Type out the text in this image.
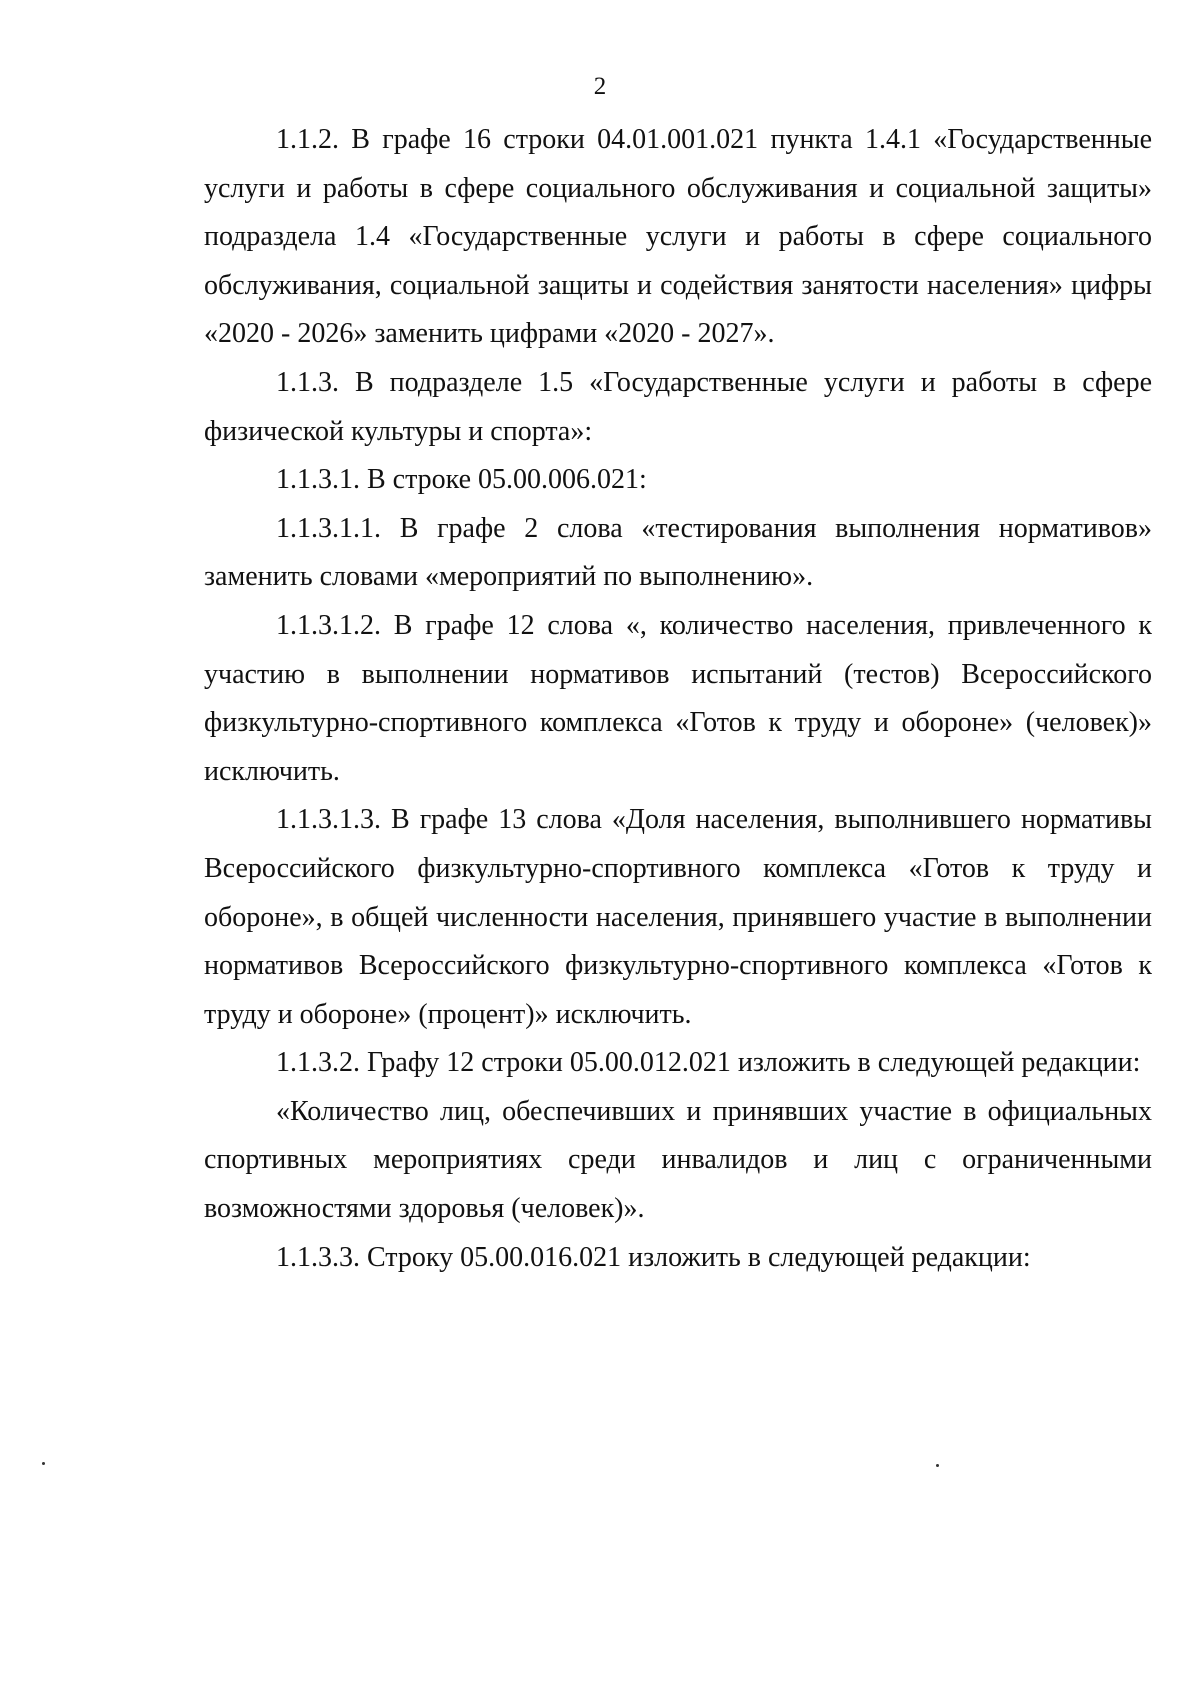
2

1.1.2. В графе 16 строки 04.01.001.021 пункта 1.4.1 «Государственные услуги и работы в сфере социального обслуживания и социальной защиты» подраздела 1.4 «Государственные услуги и работы в сфере социального обслуживания, социальной защиты и содействия занятости населения» цифры «2020 - 2026» заменить цифрами «2020 - 2027».

1.1.3. В подразделе 1.5 «Государственные услуги и работы в сфере физической культуры и спорта»:

1.1.3.1. В строке 05.00.006.021:

1.1.3.1.1. В графе 2 слова «тестирования выполнения нормативов» заменить словами «мероприятий по выполнению».

1.1.3.1.2. В графе 12 слова «, количество населения, привлеченного к участию в выполнении нормативов испытаний (тестов) Всероссийского физкультурно-спортивного комплекса «Готов к труду и обороне» (человек)» исключить.

1.1.3.1.3. В графе 13 слова «Доля населения, выполнившего нормативы Всероссийского физкультурно-спортивного комплекса «Готов к труду и обороне», в общей численности населения, принявшего участие в выполнении нормативов Всероссийского физкультурно-спортивного комплекса «Готов к труду и обороне» (процент)» исключить.

1.1.3.2. Графу 12 строки 05.00.012.021 изложить в следующей редакции:

«Количество лиц, обеспечивших и принявших участие в официальных спортивных мероприятиях среди инвалидов и лиц с ограниченными возможностями здоровья (человек)».

1.1.3.3. Строку 05.00.016.021 изложить в следующей редакции:
